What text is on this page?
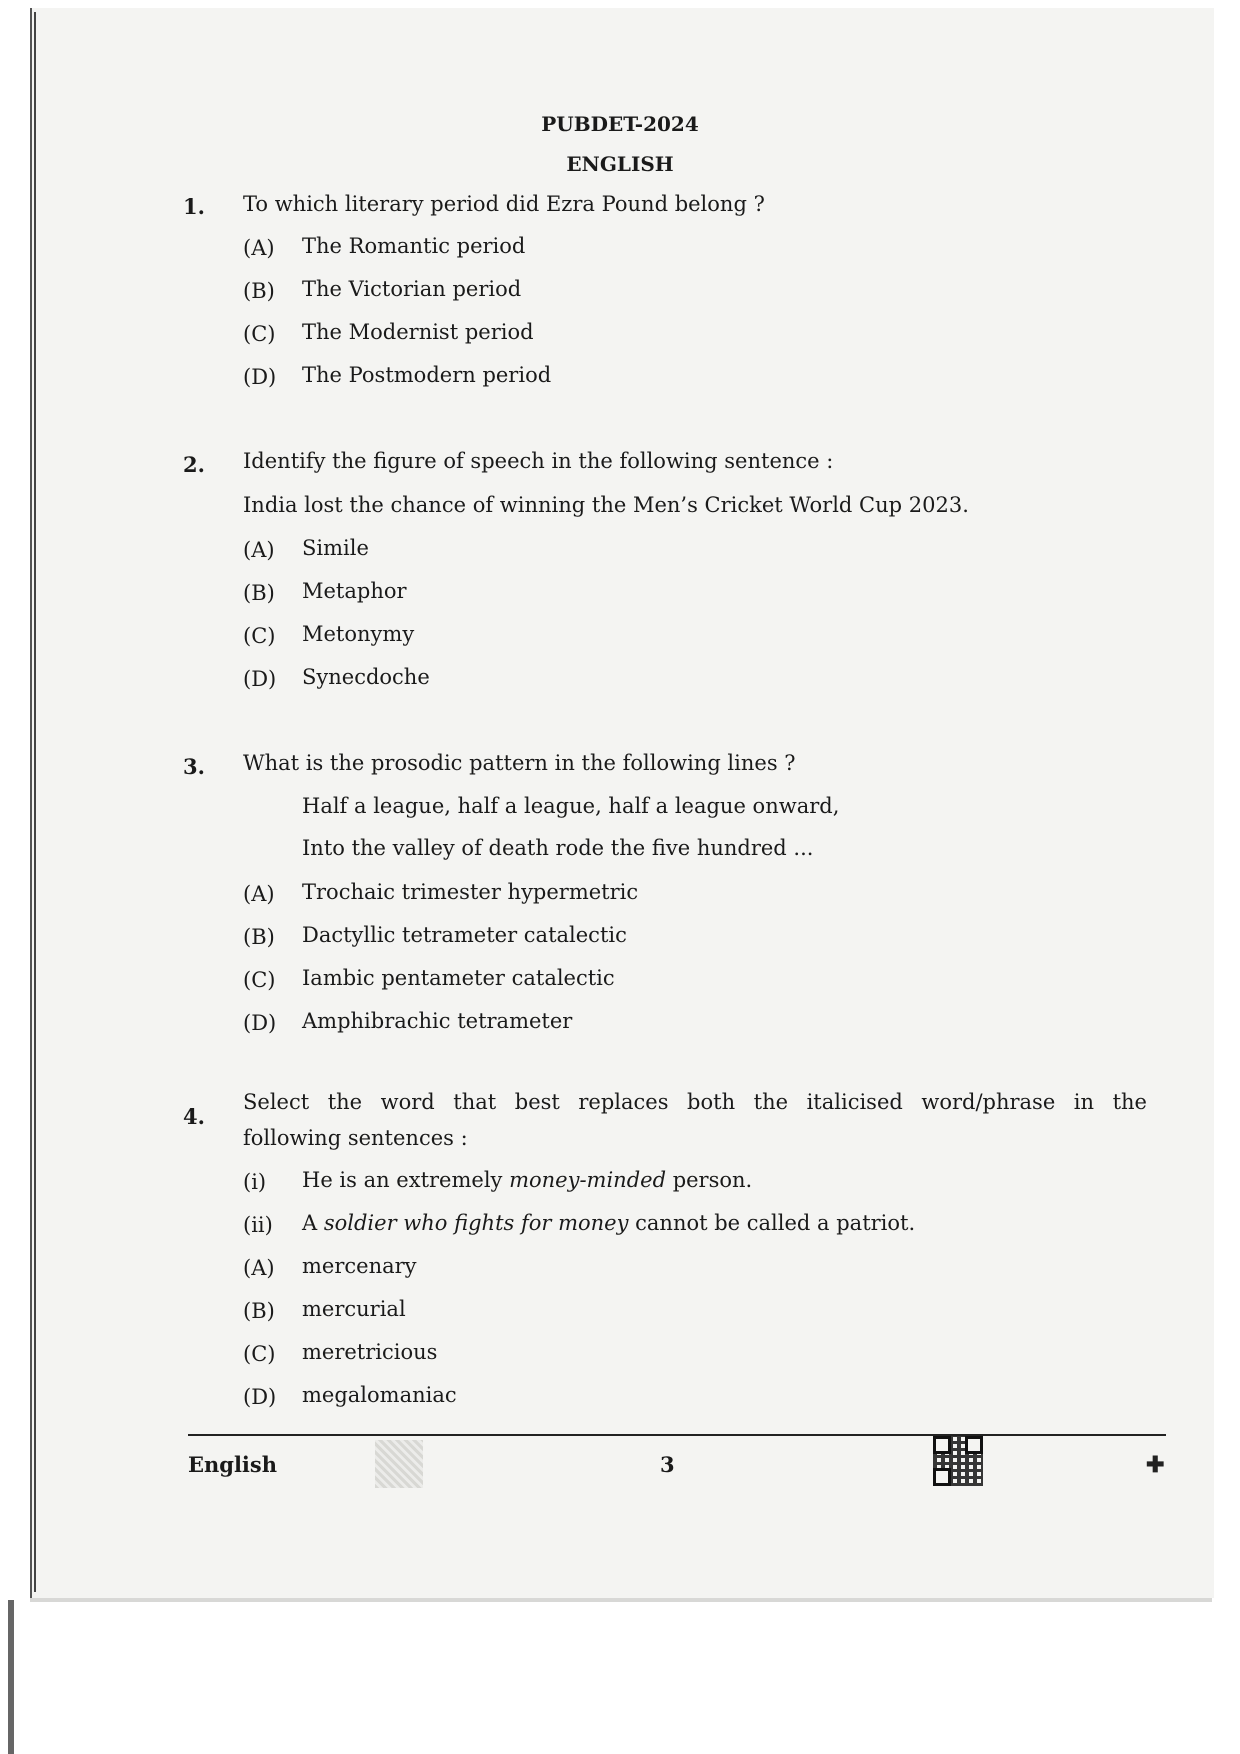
PUBDET-2024
ENGLISH
1. To which literary period did Ezra Pound belong ?
(A) The Romantic period
(B) The Victorian period
(C) The Modernist period
(D) The Postmodern period
2. Identify the figure of speech in the following sentence :
India lost the chance of winning the Men’s Cricket World Cup 2023.
(A) Simile
(B) Metaphor
(C) Metonymy
(D) Synecdoche
3. What is the prosodic pattern in the following lines ?
Half a league, half a league, half a league onward,
Into the valley of death rode the five hundred ...
(A) Trochaic trimester hypermetric
(B) Dactyllic tetrameter catalectic
(C) Iambic pentameter catalectic
(D) Amphibrachic tetrameter
4.
Select the word that best replaces both the italicised word/phrase in the
following sentences :
(i) He is an extremely money-minded person.
(ii) A soldier who fights for money cannot be called a patriot.
(A) mercenary
(B) mercurial
(C) meretricious
(D) megalomaniac
English	3	✚
